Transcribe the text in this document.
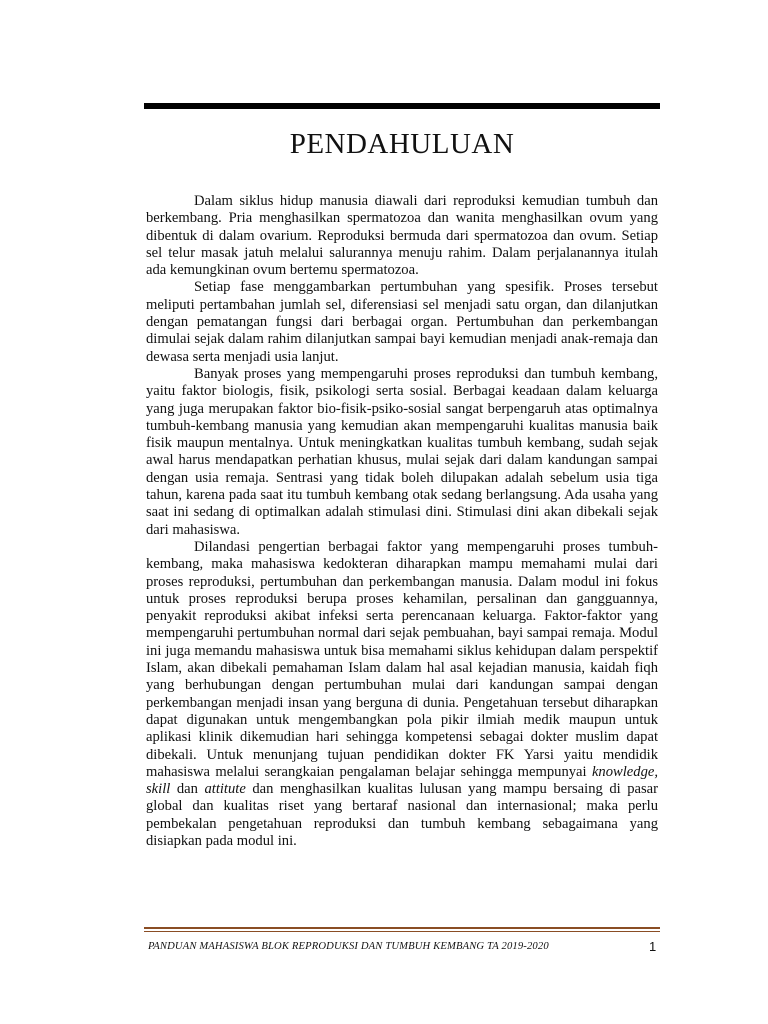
PENDAHULUAN

Dalam siklus hidup manusia diawali dari reproduksi kemudian tumbuh dan berkembang. Pria menghasilkan spermatozoa dan wanita menghasilkan ovum yang dibentuk di dalam ovarium. Reproduksi bermuda dari spermatozoa dan ovum. Setiap sel telur masak jatuh melalui salurannya menuju rahim. Dalam perjalanannya itulah ada kemungkinan ovum bertemu spermatozoa.

Setiap fase menggambarkan pertumbuhan yang spesifik. Proses tersebut meliputi pertambahan jumlah sel, diferensiasi sel menjadi satu organ, dan dilanjutkan dengan pematangan fungsi dari berbagai organ. Pertumbuhan dan perkembangan dimulai sejak dalam rahim dilanjutkan sampai bayi kemudian menjadi anak-remaja dan dewasa serta menjadi usia lanjut.

Banyak proses yang mempengaruhi proses reproduksi dan tumbuh kembang, yaitu faktor biologis, fisik, psikologi serta sosial. Berbagai keadaan dalam keluarga yang juga merupakan faktor bio-fisik-psiko-sosial sangat berpengaruh atas optimalnya tumbuh-kembang manusia yang kemudian akan mempengaruhi kualitas manusia baik fisik maupun mentalnya. Untuk meningkatkan kualitas tumbuh kembang, sudah sejak awal harus mendapatkan perhatian khusus, mulai sejak dari dalam kandungan sampai dengan usia remaja. Sentrasi yang tidak boleh dilupakan adalah sebelum usia tiga tahun, karena pada saat itu tumbuh kembang otak sedang berlangsung. Ada usaha yang saat ini sedang di optimalkan adalah stimulasi dini. Stimulasi dini akan dibekali sejak dari mahasiswa.

Dilandasi pengertian berbagai faktor yang mempengaruhi proses tumbuh-kembang, maka mahasiswa kedokteran diharapkan mampu memahami mulai dari proses reproduksi, pertumbuhan dan perkembangan manusia. Dalam modul ini fokus untuk proses reproduksi berupa proses kehamilan, persalinan dan gangguannya, penyakit reproduksi akibat infeksi serta perencanaan keluarga. Faktor-faktor yang mempengaruhi pertumbuhan normal dari sejak pembuahan, bayi sampai remaja. Modul ini juga memandu mahasiswa untuk bisa memahami siklus kehidupan dalam perspektif Islam, akan dibekali pemahaman Islam dalam hal asal kejadian manusia, kaidah fiqh yang berhubungan dengan pertumbuhan mulai dari kandungan sampai dengan perkembangan menjadi insan yang berguna di dunia. Pengetahuan tersebut diharapkan dapat digunakan untuk mengembangkan pola pikir ilmiah medik maupun untuk aplikasi klinik dikemudian hari sehingga kompetensi sebagai dokter muslim dapat dibekali. Untuk menunjang tujuan pendidikan dokter FK Yarsi yaitu mendidik mahasiswa melalui serangkaian pengalaman belajar sehingga mempunyai knowledge, skill dan attitute dan menghasilkan kualitas lulusan yang mampu bersaing di pasar global dan kualitas riset yang bertaraf nasional dan internasional; maka perlu pembekalan pengetahuan reproduksi dan tumbuh kembang sebagaimana yang disiapkan pada modul ini.

PANDUAN MAHASISWA BLOK REPRODUKSI DAN TUMBUH KEMBANG TA 2019-2020	1
